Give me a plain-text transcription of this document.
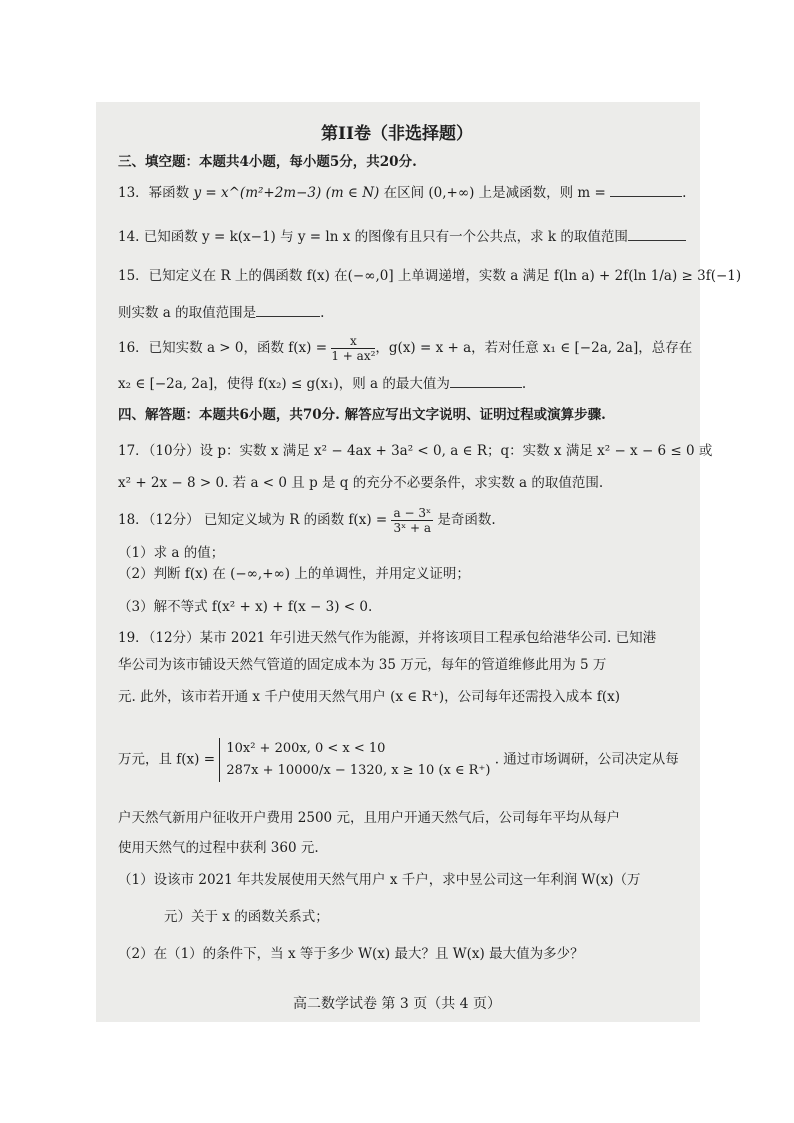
第II卷（非选择题）
三、填空题：本题共4小题，每小题5分，共20分.
13．幂函数 y = x^(m²+2m−3) (m ∈ N) 在区间 (0,+∞) 上是减函数，则 m =	.
14. 已知函数 y = k(x−1) 与 y = ln x 的图像有且只有一个公共点，求 k 的取值范围
15．已知定义在 R 上的偶函数 f(x) 在(−∞,0] 上单调递增，实数 a 满足 f(ln a) + 2f(ln 1/a) ≥ 3f(−1)
则实数 a 的取值范围是	.
16．已知实数 a > 0，函数 $f(x) = \frac{x}{\text{1 + ax²}}$ ，g(x) = x + a，若对任意 x₁ ∈ [−2a, 2a]，总存在
x₂ ∈ [−2a, 2a]，使得 f(x₂) ≤ g(x₁)，则 a 的最大值为	.
四、解答题：本题共6小题，共70分. 解答应写出文字说明、证明过程或演算步骤.
17．（10分）设 p：实数 x 满足 x² − 4ax + 3a² < 0, a ∈ R；q：实数 x 满足 x² − x − 6 ≤ 0 或
x² + 2x − 8 > 0. 若 a < 0 且 p 是 q 的充分不必要条件，求实数 a 的取值范围.
18．（12分） 已知定义域为 R 的函数 $f(x) = \frac{\text{a − 3ˣ}}{\text{3ˣ + a}}$ 是奇函数.
（1）求 a 的值；
（2）判断 f(x) 在 (−∞,+∞) 上的单调性，并用定义证明；
（3）解不等式 f(x² + x) + f(x − 3) < 0.
19．（12分）某市 2021 年引进天然气作为能源，并将该项目工程承包给港华公司. 已知港
华公司为该市铺设天然气管道的固定成本为 35 万元，每年的管道维修此用为 5 万
元. 此外，该市若开通 x 千户使用天然气用户 (x ∈ R⁺)，公司每年还需投入成本 f(x)
万元，且 f(x) =
10x² + 200x, 0 < x < 10
287x + 10000/x − 1320, x ≥ 10 (x ∈ R⁺)
. 通过市场调研，公司决定从每
户天然气新用户征收开户费用 2500 元，且用户开通天然气后，公司每年平均从每户
使用天然气的过程中获利 360 元.
（1）设该市 2021 年共发展使用天然气用户 x 千户，求中昱公司这一年利润 W(x)（万
元）关于 x 的函数关系式；
（2）在（1）的条件下，当 x 等于多少 W(x) 最大？且 W(x) 最大值为多少？
高二数学试卷 第 3 页（共 4 页）
